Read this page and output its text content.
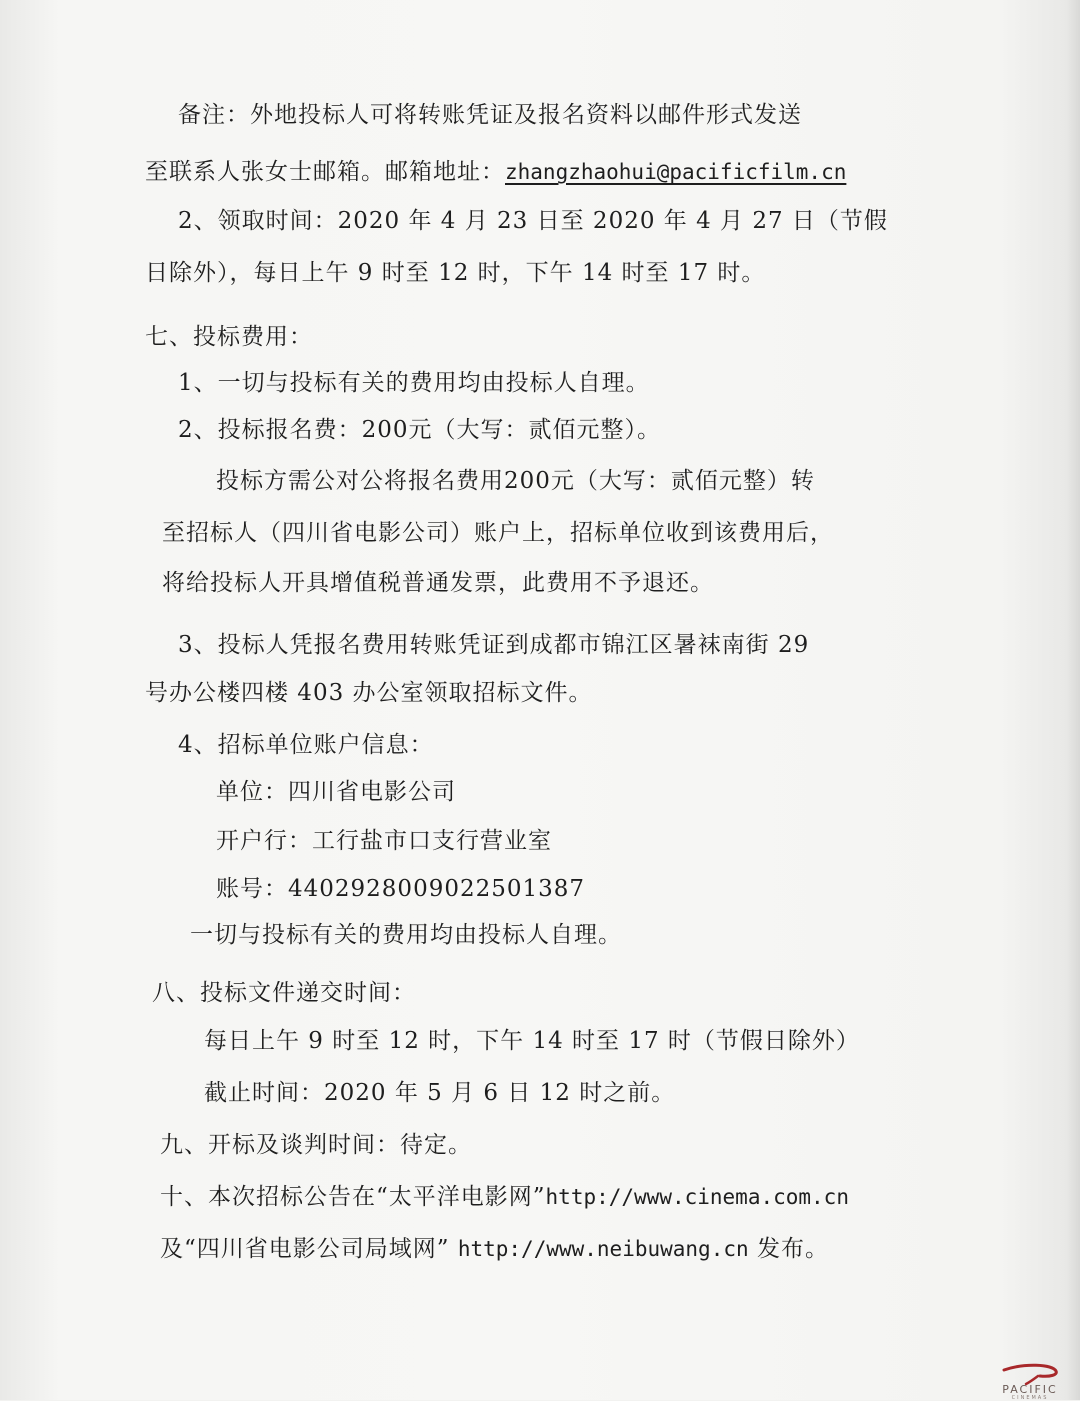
备注：外地投标人可将转账凭证及报名资料以邮件形式发送
至联系人张女士邮箱。邮箱地址：zhangzhaohui@pacificfilm.cn
2、领取时间：2020 年 4 月 23 日至 2020 年 4 月 27 日（节假
日除外），每日上午 9 时至 12 时，下午 14 时至 17 时。
七、投标费用：
1、一切与投标有关的费用均由投标人自理。
2、投标报名费：200元（大写：贰佰元整）。
投标方需公对公将报名费用200元（大写：贰佰元整）转
至招标人（四川省电影公司）账户上，招标单位收到该费用后，
将给投标人开具增值税普通发票，此费用不予退还。
3、投标人凭报名费用转账凭证到成都市锦江区暑袜南街 29
号办公楼四楼 403 办公室领取招标文件。
4、招标单位账户信息：
单位：四川省电影公司
开户行：工行盐市口支行营业室
账号：4402928009022501387
一切与投标有关的费用均由投标人自理。
八、投标文件递交时间：
每日上午 9 时至 12 时，下午 14 时至 17 时（节假日除外）
截止时间：2020 年 5 月 6 日 12 时之前。
九、开标及谈判时间：待定。
十、本次招标公告在“太平洋电影网”http://www.cinema.com.cn
及“四川省电影公司局域网” http://www.neibuwang.cn 发布。
PACIFIC
CINEMAS
